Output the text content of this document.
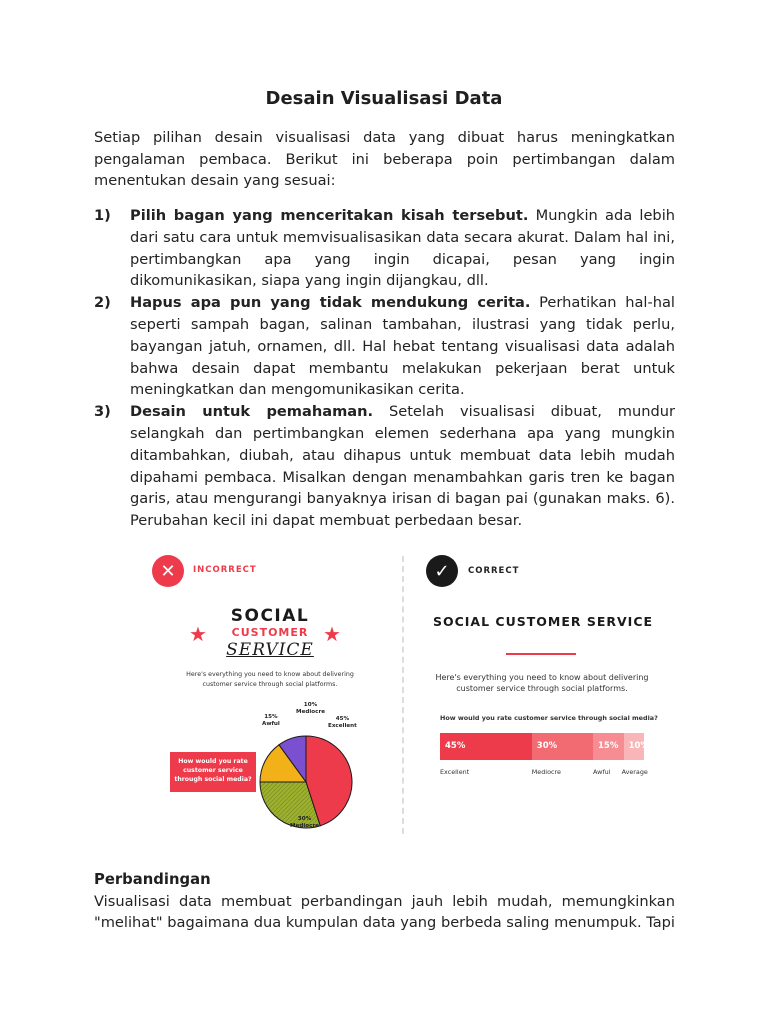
Desain Visualisasi Data

Setiap pilihan desain visualisasi data yang dibuat harus meningkatkan pengalaman pembaca. Berikut ini beberapa poin pertimbangan dalam menentukan desain yang sesuai:

1) Pilih bagan yang menceritakan kisah tersebut. Mungkin ada lebih dari satu cara untuk memvisualisasikan data secara akurat. Dalam hal ini, pertimbangkan apa yang ingin dicapai, pesan yang ingin dikomunikasikan, siapa yang ingin dijangkau, dll.
2) Hapus apa pun yang tidak mendukung cerita. Perhatikan hal-hal seperti sampah bagan, salinan tambahan, ilustrasi yang tidak perlu, bayangan jatuh, ornamen, dll. Hal hebat tentang visualisasi data adalah bahwa desain dapat membantu melakukan pekerjaan berat untuk meningkatkan dan mengomunikasikan cerita.
3) Desain untuk pemahaman. Setelah visualisasi dibuat, mundur selangkah dan pertimbangkan elemen sederhana apa yang mungkin ditambahkan, diubah, atau dihapus untuk membuat data lebih mudah dipahami pembaca. Misalkan dengan menambahkan garis tren ke bagan garis, atau mengurangi banyaknya irisan di bagan pai (gunakan maks. 6). Perubahan kecil ini dapat membuat perbedaan besar.
✕	INCORRECT	✓	CORRECT
★	★
SOCIAL
CUSTOMER
SERVICE
Here's everything you need to know about delivering customer service through social platforms.
How would you rate customer service through social media?
10%
Mediocre
15%
Awful
45%
Excellent
30%
Mediocre
SOCIAL CUSTOMER SERVICE
Here's everything you need to know about delivering customer service through social platforms.
How would you rate customer service through social media?
45%	30%	15%	10%
Excellent	Mediocre	Awful Average
Perbandingan

Visualisasi data membuat perbandingan jauh lebih mudah, memungkinkan "melihat" bagaimana dua kumpulan data yang berbeda saling menumpuk. Tapi
